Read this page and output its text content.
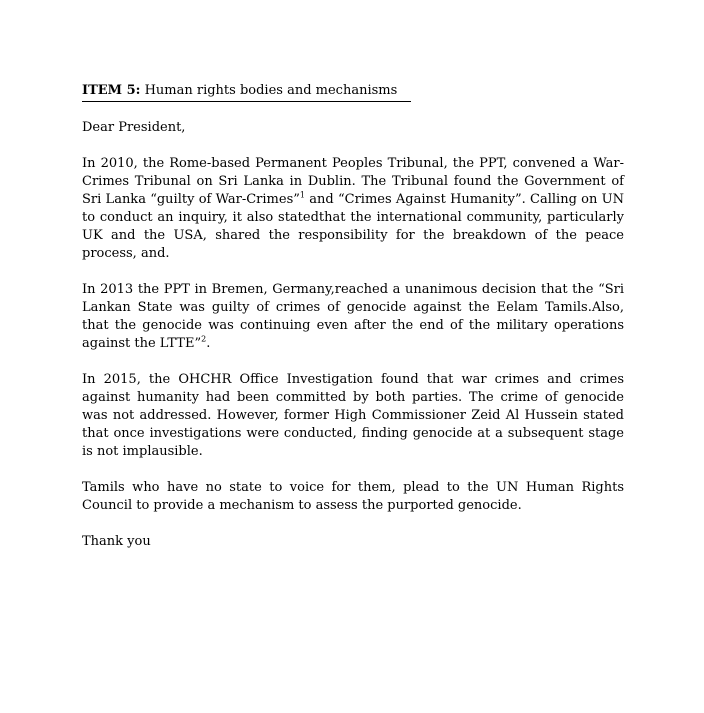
ITEM 5: Human rights bodies and mechanisms
Dear President,
In 2010, the Rome-based Permanent Peoples Tribunal, the PPT, convened a War-Crimes Tribunal on Sri Lanka in Dublin. The Tribunal found the Government of Sri Lanka “guilty of War-Crimes”$^1$ and “Crimes Against Humanity”. Calling on UN to conduct an inquiry, it also statedthat the international community, particularly UK and the USA, shared the responsibility for the breakdown of the peace process, and.
In 2013 the PPT in Bremen, Germany,reached a unanimous decision that the “Sri Lankan State was guilty of crimes of genocide against the Eelam Tamils.Also, that the genocide was continuing even after the end of the military operations against the LTTE”$^2$.
In 2015, the OHCHR Office Investigation found that war crimes and crimes against humanity had been committed by both parties. The crime of genocide was not addressed. However, former High Commissioner Zeid Al Hussein stated that once investigations were conducted, finding genocide at a subsequent stage is not implausible.
Tamils who have no state to voice for them, plead to the UN Human Rights Council to provide a mechanism to assess the purported genocide.
Thank you
